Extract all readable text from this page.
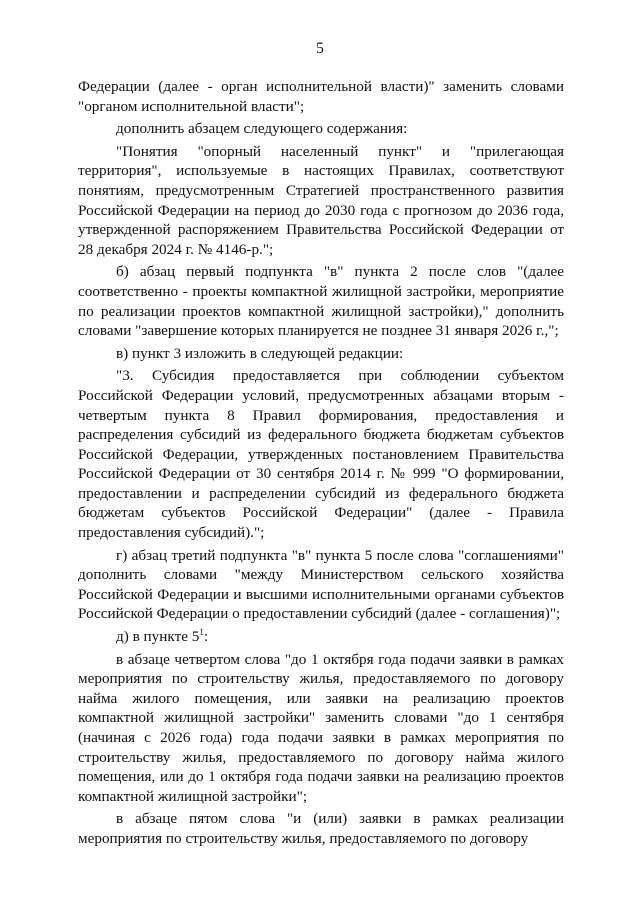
5

Федерации (далее - орган исполнительной власти)" заменить словами "органом исполнительной власти";

дополнить абзацем следующего содержания:

"Понятия "опорный населенный пункт" и "прилегающая территория", используемые в настоящих Правилах, соответствуют понятиям, предусмотренным Стратегией пространственного развития Российской Федерации на период до 2030 года с прогнозом до 2036 года, утвержденной распоряжением Правительства Российской Федерации от 28 декабря 2024 г. № 4146-р.";

б) абзац первый подпункта "в" пункта 2 после слов "(далее соответственно - проекты компактной жилищной застройки, мероприятие по реализации проектов компактной жилищной застройки)," дополнить словами "завершение которых планируется не позднее 31 января 2026 г.,";

в) пункт 3 изложить в следующей редакции:

"3. Субсидия предоставляется при соблюдении субъектом Российской Федерации условий, предусмотренных абзацами вторым - четвертым пункта 8 Правил формирования, предоставления и распределения субсидий из федерального бюджета бюджетам субъектов Российской Федерации, утвержденных постановлением Правительства Российской Федерации от 30 сентября 2014 г. № 999 "О формировании, предоставлении и распределении субсидий из федерального бюджета бюджетам субъектов Российской Федерации" (далее - Правила предоставления субсидий).";

г) абзац третий подпункта "в" пункта 5 после слова "соглашениями" дополнить словами "между Министерством сельского хозяйства Российской Федерации и высшими исполнительными органами субъектов Российской Федерации о предоставлении субсидий (далее - соглашения)";

д) в пункте $5^1$:

в абзаце четвертом слова "до 1 октября года подачи заявки в рамках мероприятия по строительству жилья, предоставляемого по договору найма жилого помещения, или заявки на реализацию проектов компактной жилищной застройки" заменить словами "до 1 сентября (начиная с 2026 года) года подачи заявки в рамках мероприятия по строительству жилья, предоставляемого по договору найма жилого помещения, или до 1 октября года подачи заявки на реализацию проектов компактной жилищной застройки";

в абзаце пятом слова "и (или) заявки в рамках реализации мероприятия по строительству жилья, предоставляемого по договору
